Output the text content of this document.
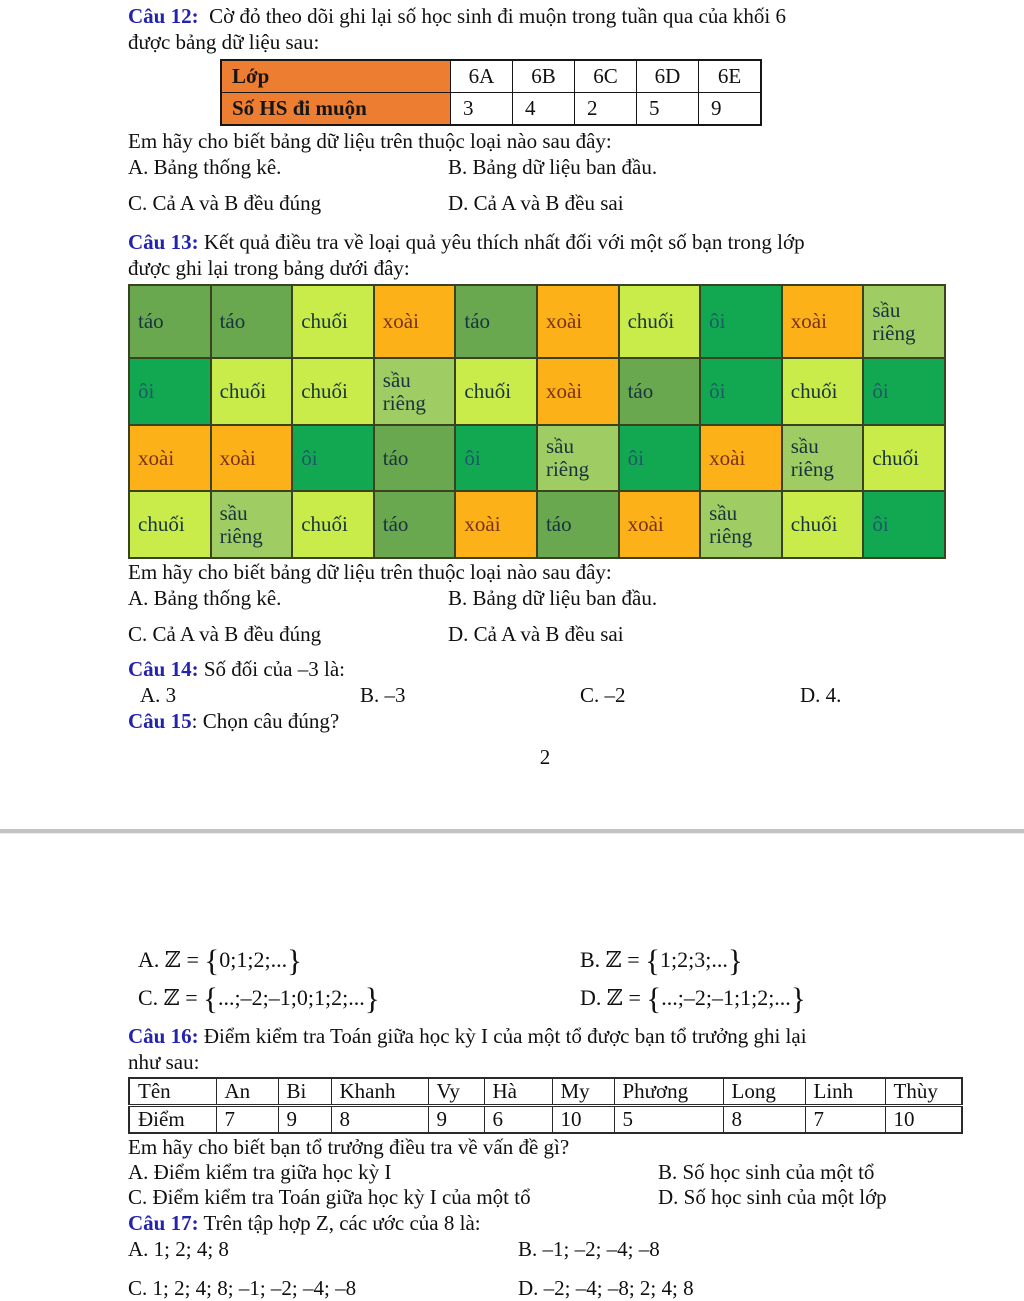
Câu 12: Cờ đỏ theo dõi ghi lại số học sinh đi muộn trong tuần qua của khối 6

được bảng dữ liệu sau:

Lớp	6A	6B	6C	6D	6E
Số HS đi muộn	3	4	2	5	9

Em hãy cho biết bảng dữ liệu trên thuộc loại nào sau đây:

A. Bảng thống kê.	B. Bảng dữ liệu ban đầu.
C. Cả A và B đều đúng	D. Cả A và B đều sai

Câu 13: Kết quả điều tra về loại quả yêu thích nhất đối với một số bạn trong lớp

được ghi lại trong bảng dưới đây:

táo	táo	chuối	xoài	táo	xoài	chuối	ôi	xoài	sầu riêng
ôi	chuối	chuối	sầu riêng	chuối	xoài	táo	ôi	chuối	ôi
xoài	xoài	ôi	táo	ôi	sầu riêng	ôi	xoài	sầu riêng	chuối
chuối	sầu riêng	chuối	táo	xoài	táo	xoài	sầu riêng	chuối	ôi

Em hãy cho biết bảng dữ liệu trên thuộc loại nào sau đây:

A. Bảng thống kê.	B. Bảng dữ liệu ban đầu.
C. Cả A và B đều đúng	D. Cả A và B đều sai

Câu 14: Số đối của –3 là:

A. 3	B. –3	C. –2	D. 4.

Câu 15: Chọn câu đúng?

2

A. ℤ = {0;1;2;...}	B. ℤ = {1;2;3;...}
C. ℤ = {...;–2;–1;0;1;2;...}	D. ℤ = {...;–2;–1;1;2;...}

Câu 16: Điểm kiểm tra Toán giữa học kỳ I của một tổ được bạn tổ trưởng ghi lại

như sau:

Tên	An	Bi	Khanh	Vy	Hà	My	Phương	Long	Linh	Thùy
Điểm	7	9	8	9	6	10	5	8	7	10

Em hãy cho biết bạn tổ trưởng điều tra về vấn đề gì?

A. Điểm kiểm tra giữa học kỳ I	B. Số học sinh của một tổ
C. Điểm kiểm tra Toán giữa học kỳ I của một tổ	D. Số học sinh của một lớp

Câu 17: Trên tập hợp Z, các ước của 8 là:

A. 1; 2; 4; 8	B. –1; –2; –4; –8
C. 1; 2; 4; 8; –1; –2; –4; –8	D. –2; –4; –8; 2; 4; 8
